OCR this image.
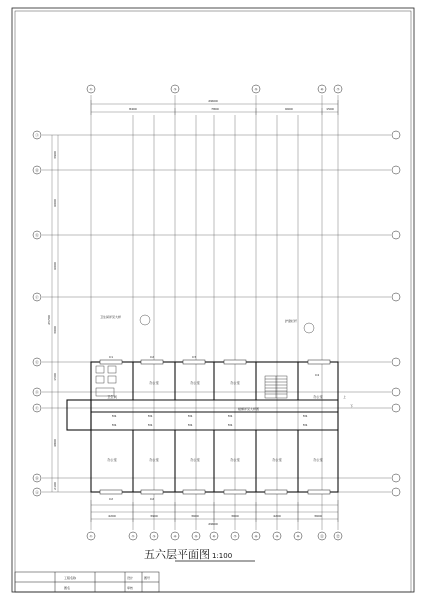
29600
8400	7800	6600	1500
①	③	⑤	⑥	⑦
Ⓙ
Ⓗ
Ⓖ
Ⓕ
Ⓔ
Ⓓ
Ⓒ
Ⓑ
Ⓐ
3900
6000
6000
3000
1500
4800
2100
25700
办公室	办公室	办公室
办公室
办公室	办公室	办公室	办公室	办公室	办公室
卫生间
M1	M1	M1	M1	M1
M1	M1	M1	M1	M1
C1	C2	C3
C4
C2	C2
卫生间详见大样
护窗栏杆
楼梯详见大样图
上
下
4200	3900	3600	3600	4200	3600
29600
①	②	③	④	⑤	⑥	⑦	⑧	⑨	⑩	⑪	⑫
五六层平面图 1:100
工程名称
图名
设计
审核
图号
